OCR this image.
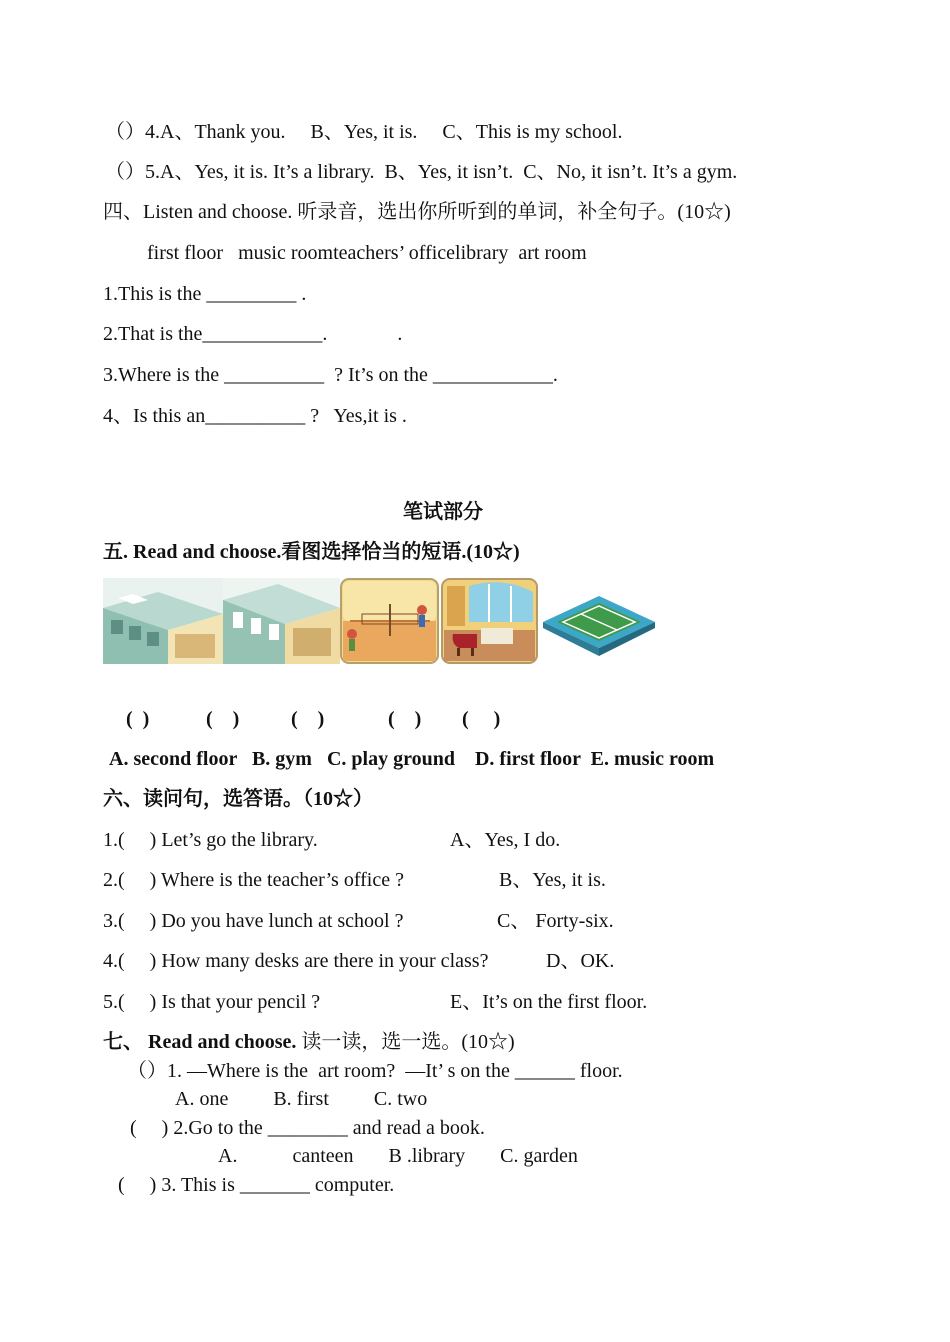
（）4.A、Thank you.     B、Yes, it is.     C、This is my school.
（）5.A、Yes, it is. It’s a library.  B、Yes, it isn’t.  C、No, it isn’t. It’s a gym.
四、Listen and choose. 听录音，选出你所听到的单词，补全句子。(10☆)
first floor   music roomteachers’ officelibrary  art room
1.This is the _________ .
2.That is the____________.              .
3.Where is the __________  ? It’s on the ____________.
4、Is this an__________ ?   Yes,it is .
笔试部分
五. Read and choose.看图选择恰当的短语.(10☆)
(  )	(    )	(    )	(    ) (     )
A. second floor   B. gym   C. play ground    D. first floor  E. music room
六、读问句，选答语。（10☆）
1.(     ) Let’s go the library.	A、Yes, I do.
2.(     ) Where is the teacher’s office ?	B、Yes, it is.
3.(     ) Do you have lunch at school ?	C、 Forty-six.
4.(     ) How many desks are there in your class?	D、OK.
5.(     ) Is that your pencil ?	E、It’s on the first floor.
七、 Read and choose. 读一读，选一选。(10☆)
（）1. —Where is the  art room?  —It’ s on the ______ floor.
A. one         B. first         C. two
(     ) 2.Go to the ________ and read a book.
A.           canteen       B .library       C. garden
(     ) 3. This is _______ computer.
